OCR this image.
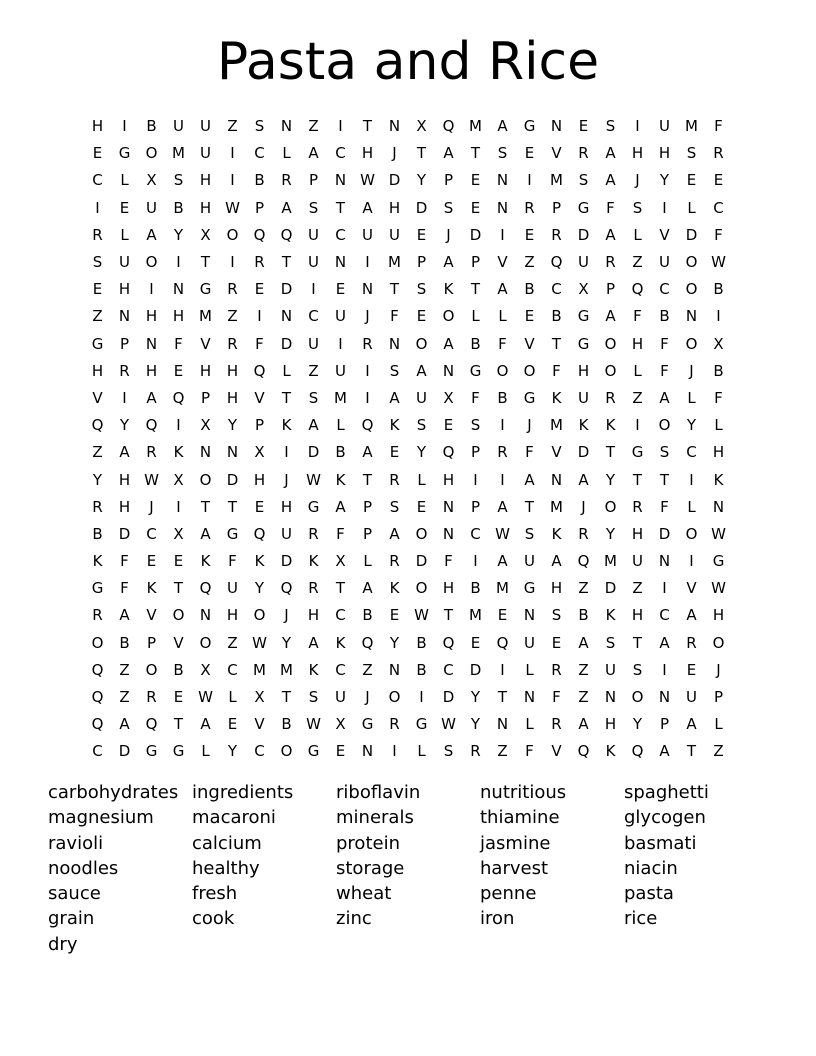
Pasta and Rice
H	I	B	U	U	Z	S	N	Z	I	T	N	X	Q M	A	G	N	E	S	I	U	M	F
E	G	O M	U	I	C	L	A	C	H	J	T	A	T	S	E	V	R	A	H	H	S	R
C	L	X	S	H	I	B	R	P	N W D	Y	P	E	N	I	M	S	A	J	Y	E	E
I	E	U	B	H W	P	A	S	T	A	H	D	S	E	N	R	P	G	F	S	I	L	C
R	L	A	Y	X	O	Q	Q	U	C	U	U	E	J	D	I	E	R	D	A	L	V	D	F
S	U	O	I	T	I	R	T	U	N	I	M	P	A	P	V	Z	Q	U	R	Z	U	O W
E	H	I	N	G	R	E	D	I	E	N	T	S	K	T	A	B	C	X	P	Q	C	O	B
Z	N	H	H M	Z	I	N	C	U	J	F	E	O	L	L	E	B	G	A	F	B	N	I
G	P	N	F	V	R	F	D	U	I	R	N	O	A	B	F	V	T	G	O	H	F	O	X
H	R	H	E	H	H	Q	L	Z	U	I	S	A	N	G	O	O	F	H	O	L	F	J	B
V	I	A	Q	P	H	V	T	S	M	I	A	U	X	F	B	G	K	U	R	Z	A	L	F
Q	Y	Q	I	X	Y	P	K	A	L	Q	K	S	E	S	I	J	M	K	K	I	O	Y	L
Z	A	R	K	N	N	X	I	D	B	A	E	Y	Q	P	R	F	V	D	T	G	S	C	H
Y	H W X	O	D	H	J	W K	T	R	L	H	I	I	A	N	A	Y	T	T	I	K
R	H	J	I	T	T	E	H	G	A	P	S	E	N	P	A	T	M	J	O	R	F	L	N
B	D	C	X	A	G	Q	U	R	F	P	A	O	N	C W S	K	R	Y	H	D	O W
K	F	E	E	K	F	K	D	K	X	L	R	D	F	I	A	U	A	Q M	U	N	I	G
G	F	K	T	Q	U	Y	Q	R	T	A	K	O	H	B	M G	H	Z	D	Z	I	V W
R	A	V	O	N	H	O	J	H	C	B	E W T	M	E	N	S	B	K	H	C	A	H
O	B	P	V	O	Z W Y	A	K	Q	Y	B	Q	E	Q	U	E	A	S	T	A	R	O
Q	Z	O	B	X	C	M M	K	C	Z	N	B	C	D	I	L	R	Z	U	S	I	E	J
Q	Z	R	E W	L	X	T	S	U	J	O	I	D	Y	T	N	F	Z	N	O	N	U	P
Q	A	Q	T	A	E	V	B W X	G	R	G W Y	N	L	R	A	H	Y	P	A	L
C	D	G	G	L	Y	C	O	G	E	N	I	L	S	R	Z	F	V	Q	K	Q	A	T	Z
carbohydrates ingredients	riboflavin	nutritious	spaghetti
magnesium	macaroni	minerals	thiamine	glycogen
ravioli	calcium	protein	jasmine	basmati
noodles	healthy	storage	harvest	niacin
sauce	fresh	wheat	penne	pasta
grain	cook	zinc	iron	rice
dry
